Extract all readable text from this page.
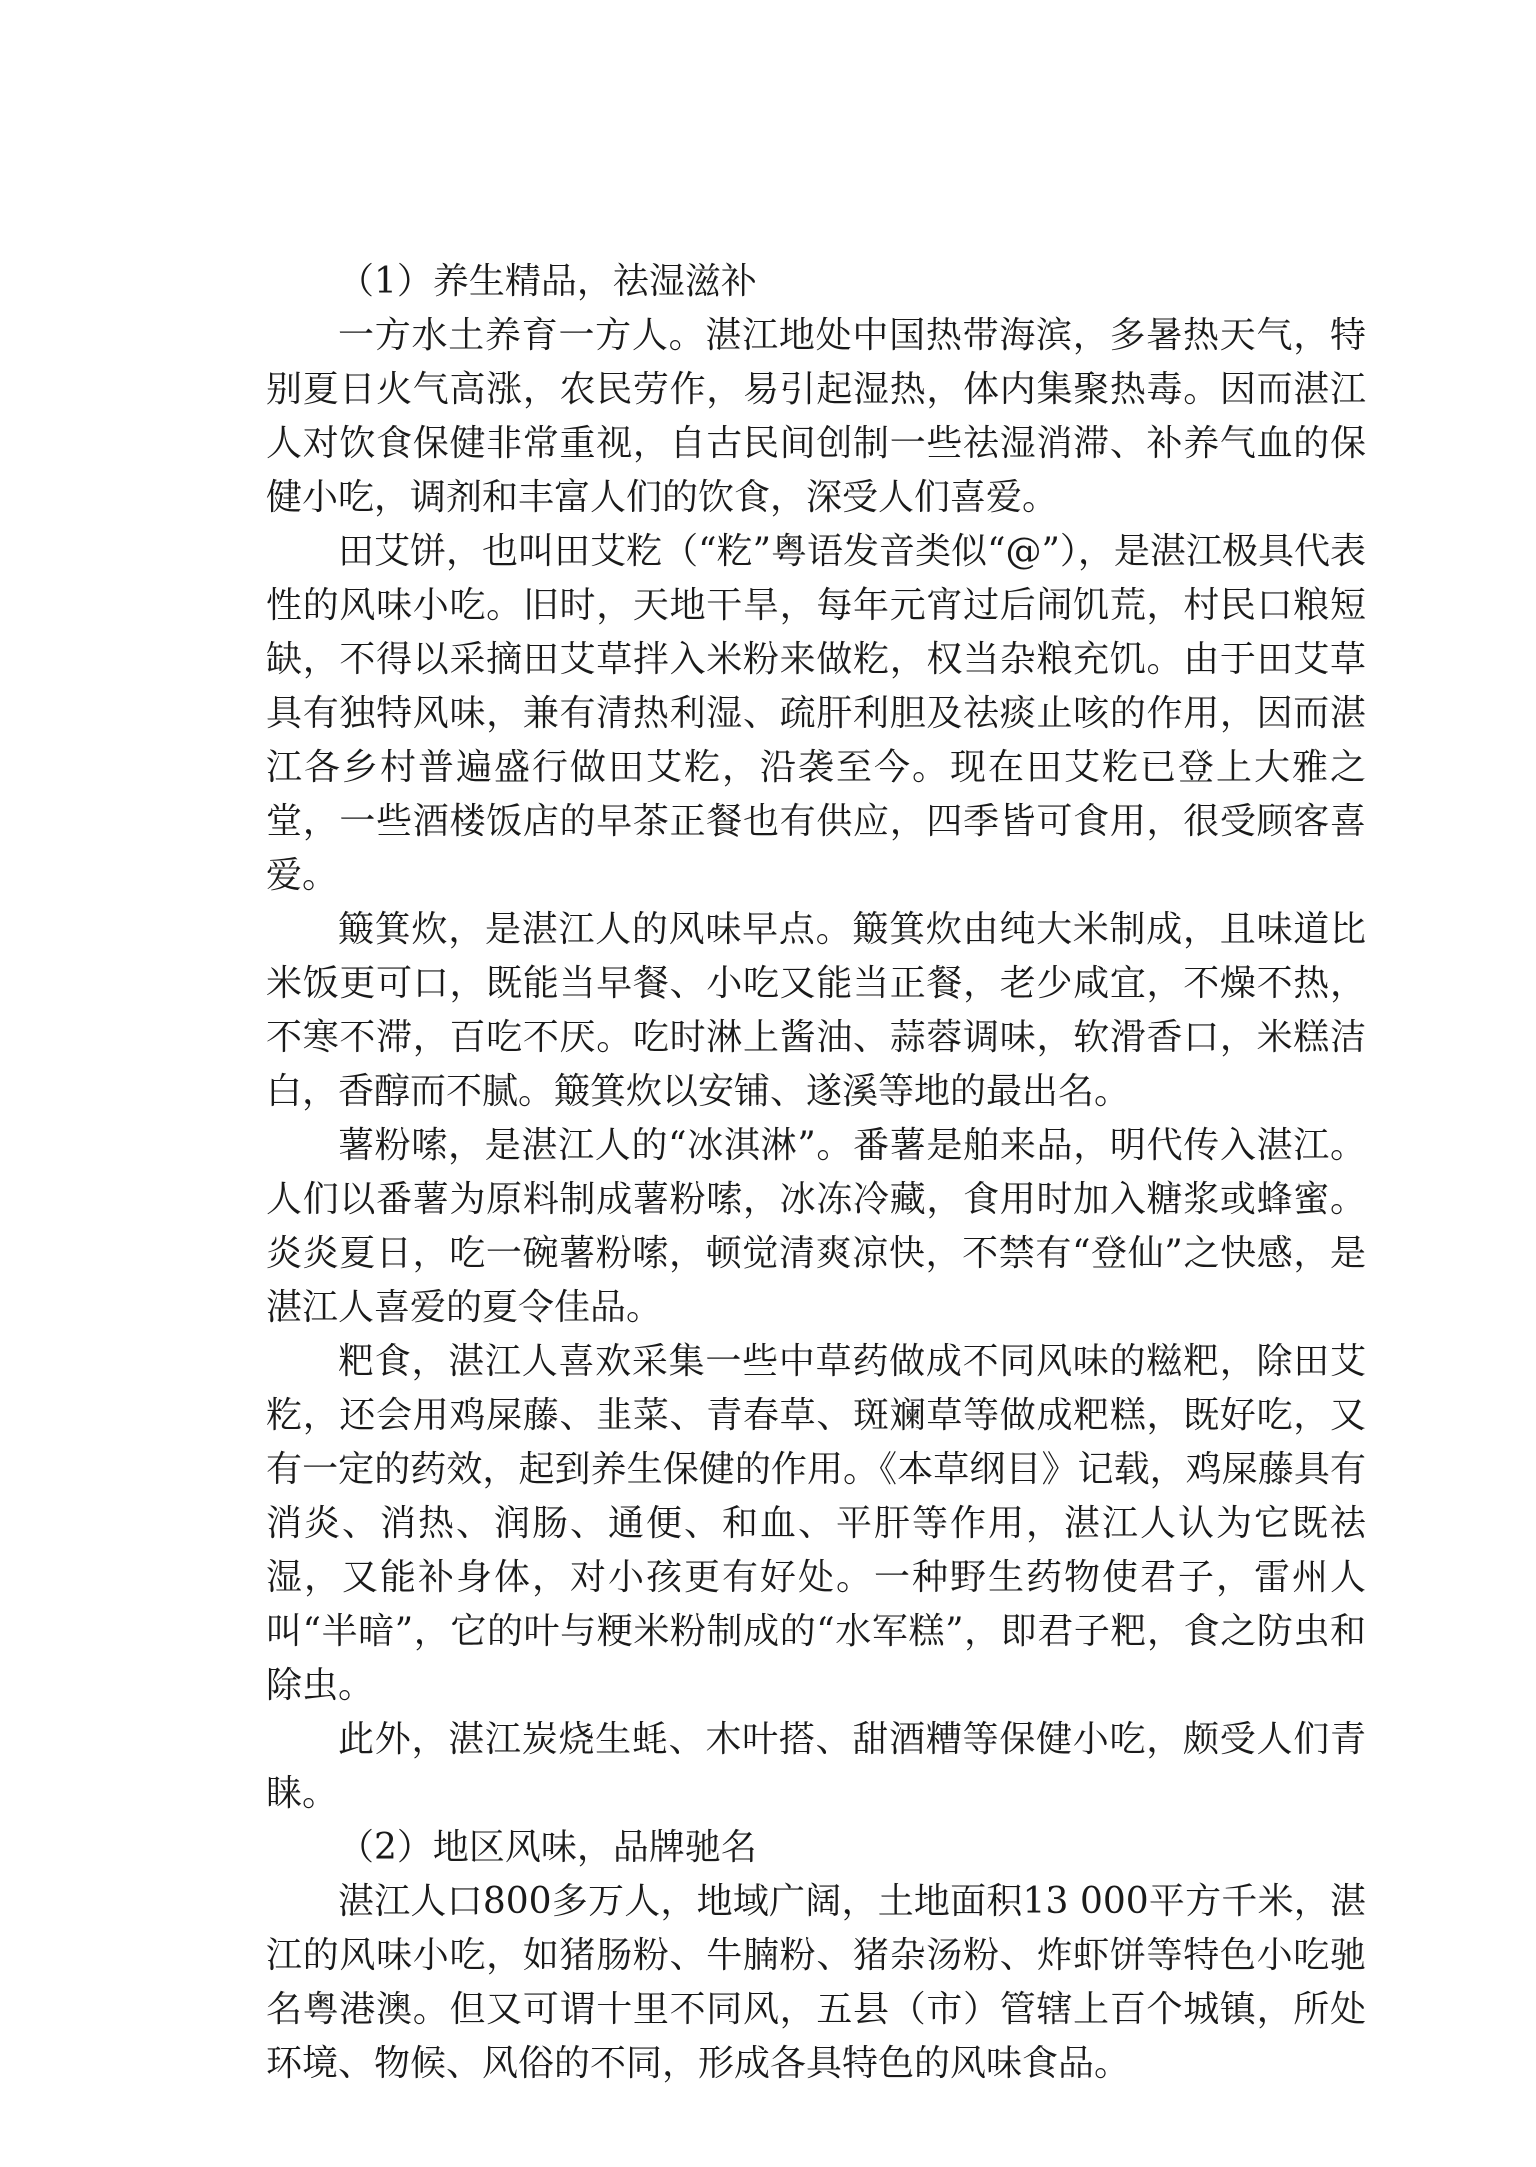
（1）养生精品，祛湿滋补

一方水土养育一方人。湛江地处中国热带海滨，多暑热天气，特别夏日火气高涨，农民劳作，易引起湿热，体内集聚热毒。因而湛江人对饮食保健非常重视，自古民间创制一些祛湿消滞、补养气血的保健小吃，调剂和丰富人们的饮食，深受人们喜爱。

田艾饼，也叫田艾籺（“籺”粤语发音类似“@”），是湛江极具代表性的风味小吃。旧时，天地干旱，每年元宵过后闹饥荒，村民口粮短缺，不得以采摘田艾草拌入米粉来做籺，权当杂粮充饥。由于田艾草具有独特风味，兼有清热利湿、疏肝利胆及祛痰止咳的作用，因而湛江各乡村普遍盛行做田艾籺，沿袭至今。现在田艾籺已登上大雅之堂，一些酒楼饭店的早茶正餐也有供应，四季皆可食用，很受顾客喜爱。

簸箕炊，是湛江人的风味早点。簸箕炊由纯大米制成，且味道比米饭更可口，既能当早餐、小吃又能当正餐，老少咸宜，不燥不热，不寒不滞，百吃不厌。吃时淋上酱油、蒜蓉调味，软滑香口，米糕洁白，香醇而不腻。簸箕炊以安铺、遂溪等地的最出名。

薯粉嗦，是湛江人的“冰淇淋”。番薯是舶来品，明代传入湛江。人们以番薯为原料制成薯粉嗦，冰冻冷藏，食用时加入糖浆或蜂蜜。炎炎夏日，吃一碗薯粉嗦，顿觉清爽凉快，不禁有“登仙”之快感，是湛江人喜爱的夏令佳品。

粑食，湛江人喜欢采集一些中草药做成不同风味的糍粑，除田艾籺，还会用鸡屎藤、韭菜、青春草、斑斓草等做成粑糕，既好吃，又有一定的药效，起到养生保健的作用。《本草纲目》记载，鸡屎藤具有消炎、消热、润肠、通便、和血、平肝等作用，湛江人认为它既祛湿，又能补身体，对小孩更有好处。一种野生药物使君子，雷州人叫“半暗”，它的叶与粳米粉制成的“水军糕”，即君子粑，食之防虫和除虫。

此外，湛江炭烧生蚝、木叶搭、甜酒糟等保健小吃，颇受人们青睐。

（2）地区风味，品牌驰名

湛江人口800多万人，地域广阔，土地面积13 000平方千米，湛江的风味小吃，如猪肠粉、牛腩粉、猪杂汤粉、炸虾饼等特色小吃驰名粤港澳。但又可谓十里不同风，五县（市）管辖上百个城镇，所处环境、物候、风俗的不同，形成各具特色的风味食品。
